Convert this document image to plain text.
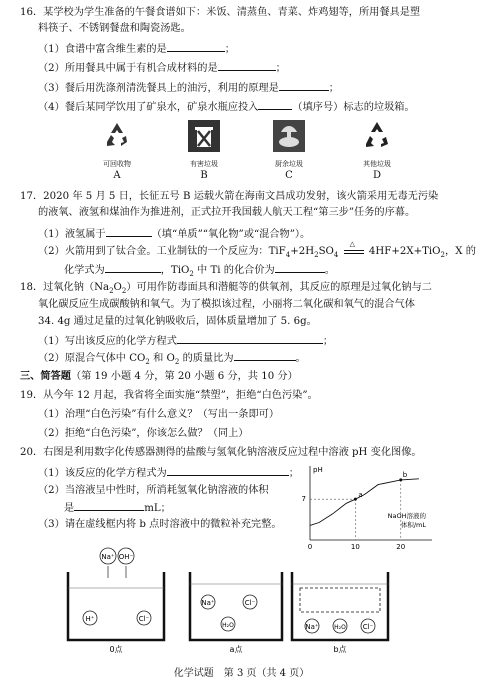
16．某学校为学生准备的午餐食谱如下：米饭、清蒸鱼、青菜、炸鸡翅等，所用餐具是塑
料筷子、不锈钢餐盘和陶瓷汤匙。
（1）食谱中富含维生素的是	；
（2）所用餐具中属于有机合成材料的是	；
（3）餐后用洗涤剂清洗餐具上的油污，利用的原理是	；
（4）餐后某同学饮用了矿泉水，矿泉水瓶应投入	（填序号）标志的垃圾箱。
可回收物	有害垃圾	厨余垃圾	其他垃圾
A	B	C	D
17．2020 年 5 月 5 日，长征五号 B 运载火箭在海南文昌成功发射，该火箭采用无毒无污染
的液氧、液氢和煤油作为推进剂，正式拉开我国载人航天工程“第三步”任务的序幕。
（1）液氢属于	（填“单质”“氧化物”或“混合物”）。
（2）火箭用到了钛合金。工业制钛的一个反应为：$TiF_4+2H_2SO_4$
△
4HF+2X+TiO$_2$，X 的
化学式为	，TiO$_2$ 中 Ti 的化合价为	。
18．过氧化钠$(Na_2O_2)$可用作防毒面具和潜艇等的供氧剂，其反应的原理是过氧化钠与二
氧化碳反应生成碳酸钠和氧气。为了模拟该过程，小丽将二氧化碳和氧气的混合气体
34. 4g 通过足量的过氧化钠吸收后，固体质量增加了 5. 6g。
（1）写出该反应的化学方程式	；
（2）原混合气体中 $CO_2$ 和 $O_2$ 的质量比为	。
三、简答题（第 19 小题 4 分，第 20 小题 6 分，共 10 分）
19．从今年 12 月起，我省将全面实施“禁塑”，拒绝“白色污染”。
（1）治理“白色污染”有什么意义？（写出一条即可）
（2）拒绝“白色污染”，你该怎么做？（同上）
20．右图是利用数字化传感器测得的盐酸与氢氧化钠溶液反应过程中溶液 pH 变化图像。
（1）该反应的化学方程式为	；
（2）当溶液呈中性时，所消耗氢氧化钠溶液的体积
是	mL；
（3）请在虚线框内将 b 点时溶液中的微粒补充完整。
pH
0	10	20
7	a
b
NaOH溶液的
体积/mL
Na⁺ OH⁻
H⁺	Cl⁻
0点
Na⁺	Cl⁻
H₂O
a点
Na⁺	H₂O Cl⁻
b点
化学试题　第 3 页（共 4 页）
